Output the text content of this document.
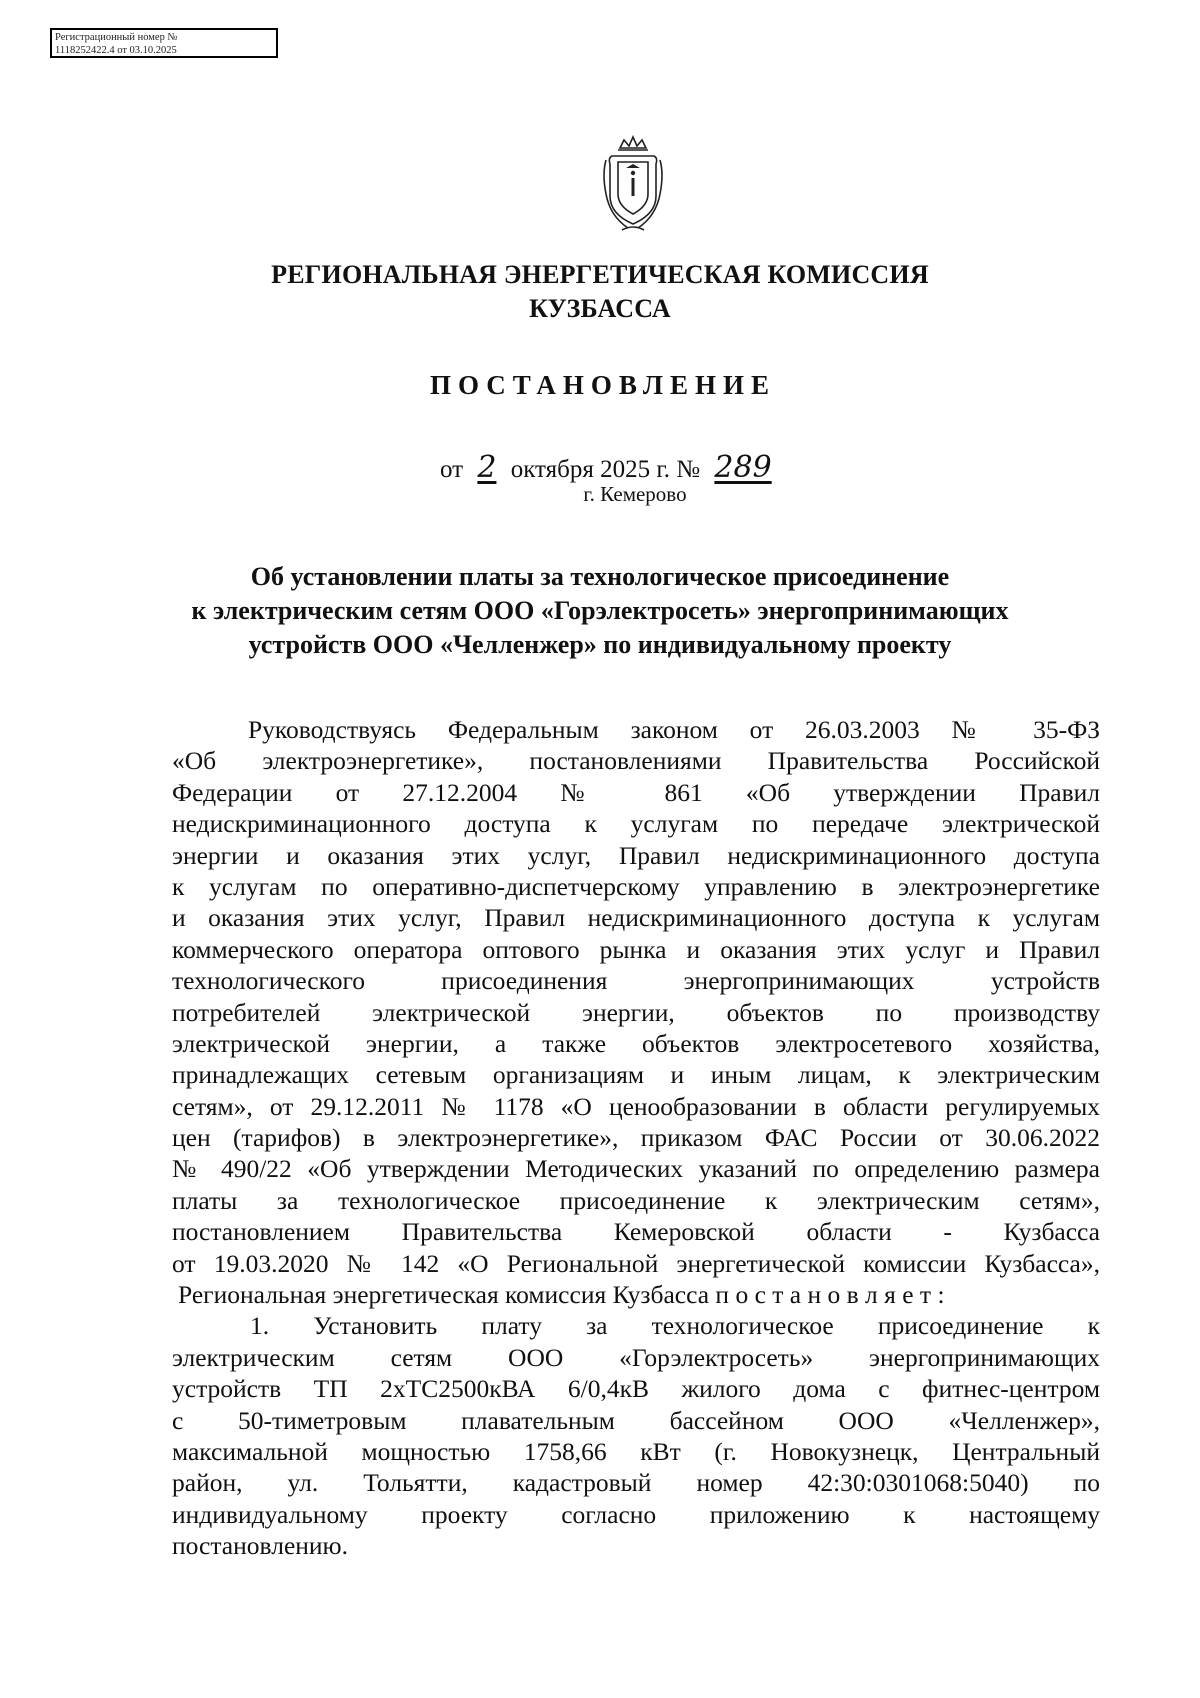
Регистрационный номер №
1118252422.4 от 03.10.2025
РЕГИОНАЛЬНАЯ ЭНЕРГЕТИЧЕСКАЯ КОМИССИЯ
КУЗБАССА
ПОСТАНОВЛЕНИЕ
от 2 октября 2025 г. № 289
г. Кемерово
Об установлении платы за технологическое присоединение
к электрическим сетям ООО «Горэлектросеть» энергопринимающих
устройств ООО «Челленжер» по индивидуальному проекту
Руководствуясь Федеральным законом от 26.03.2003 № 35-ФЗ
«Об электроэнергетике», постановлениями Правительства Российской
Федерации от 27.12.2004 № 861 «Об утверждении Правил
недискриминационного доступа к услугам по передаче электрической
энергии и оказания этих услуг, Правил недискриминационного доступа
к услугам по оперативно-диспетчерскому управлению в электроэнергетике
и оказания этих услуг, Правил недискриминационного доступа к услугам
коммерческого оператора оптового рынка и оказания этих услуг и Правил
технологического присоединения энергопринимающих устройств
потребителей электрической энергии, объектов по производству
электрической энергии, а также объектов электросетевого хозяйства,
принадлежащих сетевым организациям и иным лицам, к электрическим
сетям», от 29.12.2011 № 1178 «О ценообразовании в области регулируемых
цен (тарифов) в электроэнергетике», приказом ФАС России от 30.06.2022
№ 490/22 «Об утверждении Методических указаний по определению размера
платы за технологическое присоединение к электрическим сетям»,
постановлением Правительства Кемеровской области - Кузбасса
от 19.03.2020 № 142 «О Региональной энергетической комиссии Кузбасса»,
Региональная энергетическая комиссия Кузбасса п о с т а н о в л я е т :
1. Установить плату за технологическое присоединение к
электрическим сетям ООО «Горэлектросеть» энергопринимающих
устройств ТП 2хТС2500кВА 6/0,4кВ жилого дома с фитнес-центром
с 50-тиметровым плавательным бассейном ООО «Челленжер»,
максимальной мощностью 1758,66 кВт (г. Новокузнецк, Центральный
район, ул. Тольятти, кадастровый номер 42:30:0301068:5040) по
индивидуальному проекту согласно приложению к настоящему
постановлению.
